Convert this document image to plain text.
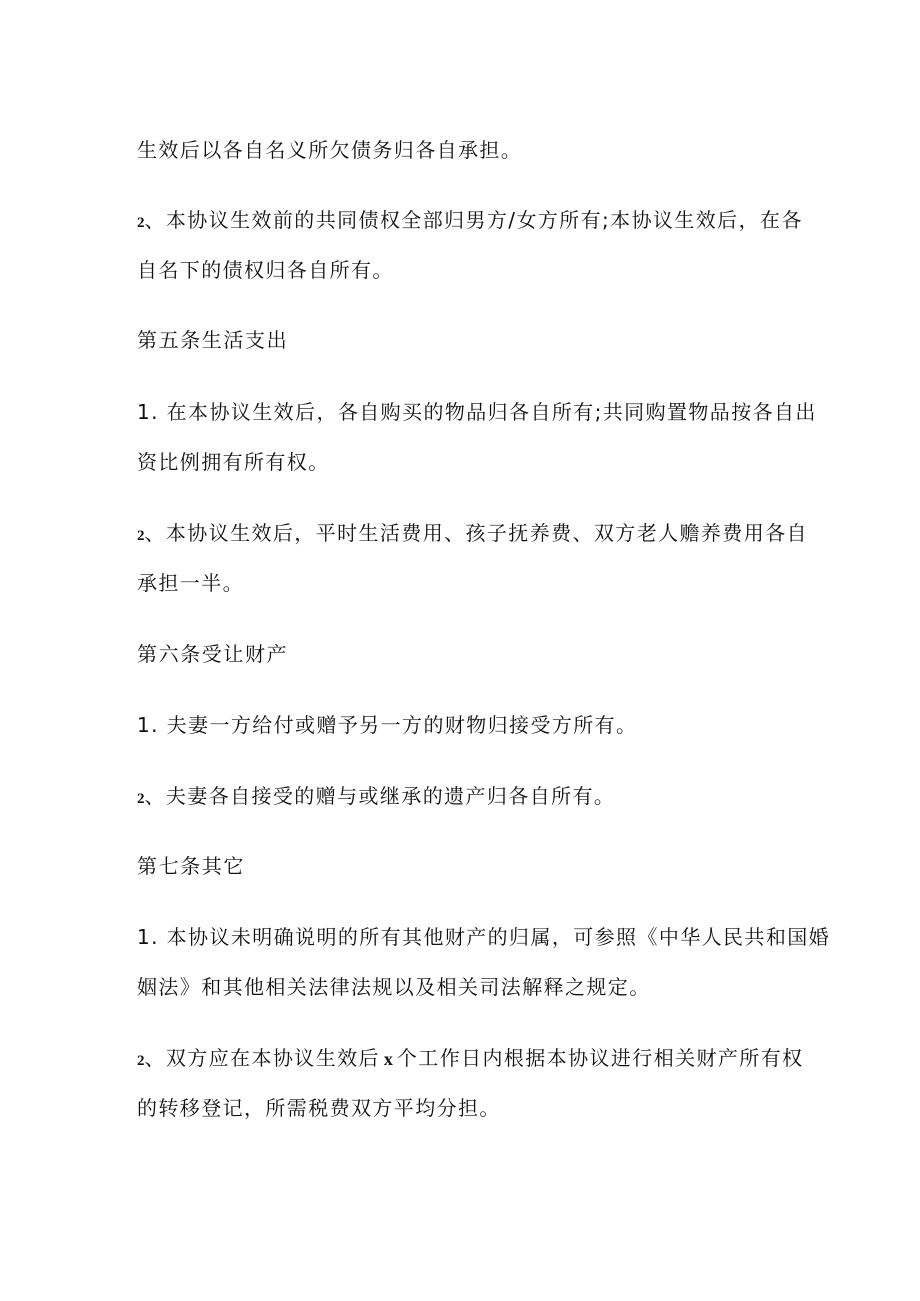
生效后以各自名义所欠债务归各自承担。

2、本协议生效前的共同债权全部归男方/女方所有;本协议生效后，在各

自名下的债权归各自所有。

第五条生活支出

1. 在本协议生效后，各自购买的物品归各自所有;共同购置物品按各自出

资比例拥有所有权。

2、本协议生效后，平时生活费用、孩子抚养费、双方老人赡养费用各自

承担一半。

第六条受让财产

1. 夫妻一方给付或赠予另一方的财物归接受方所有。

2、夫妻各自接受的赠与或继承的遗产归各自所有。

第七条其它

1. 本协议未明确说明的所有其他财产的归属，可参照《中华人民共和国婚

姻法》和其他相关法律法规以及相关司法解释之规定。

2、双方应在本协议生效后 x 个工作日内根据本协议进行相关财产所有权

的转移登记，所需税费双方平均分担。
